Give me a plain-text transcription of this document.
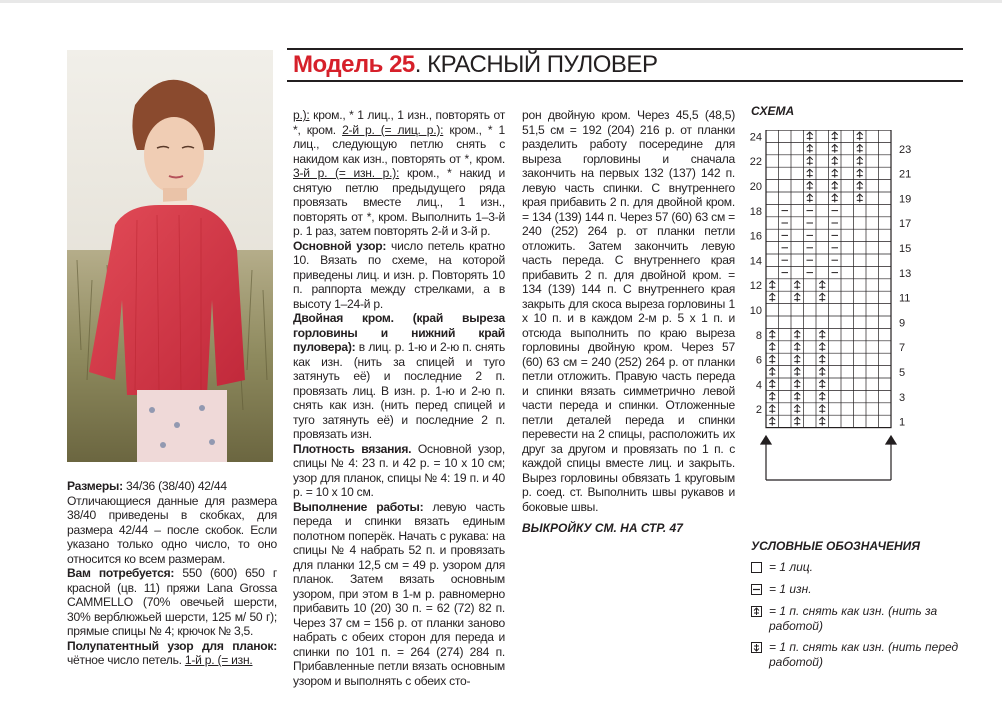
Модель 25. КРАСНЫЙ ПУЛОВЕР

Размеры: 34/36 (38/40) 42/44

Отличающиеся данные для размера 38/40 приведены в скобках, для размера 42/44 – после скобок. Если указано только одно число, то оно относится ко всем размерам.

Вам потребуется: 550 (600) 650 г красной (цв. 11) пряжи Lana Grossa CAMMELLO (70% овечьей шерсти, 30% верблюжьей шерсти, 125 м/ 50 г); прямые спицы № 4; крючок № 3,5.

Полупатентный узор для планок: чётное число петель. 1-й р. (= изн.

р.): кром., * 1 лиц., 1 изн., повторять от *, кром. 2-й р. (= лиц. р.): кром., * 1 лиц., следующую петлю снять с накидом как изн., повторять от *, кром. 3-й р. (= изн. р.): кром., * накид и снятую петлю предыдущего ряда провязать вместе лиц., 1 изн., повторять от *, кром. Выполнить 1–3-й р. 1 раз, затем повторять 2-й и 3-й р.

Основной узор: число петель кратно 10. Вязать по схеме, на которой приведены лиц. и изн. р. Повторять 10 п. раппорта между стрелками, а в высоту 1–24-й р.

Двойная кром. (край выреза горловины и нижний край пуловера): в лиц. р. 1-ю и 2-ю п. снять как изн. (нить за спицей и туго затянуть её) и последние 2 п. провязать лиц. В изн. р. 1-ю и 2-ю п. снять как изн. (нить перед спицей и туго затянуть её) и последние 2 п. провязать изн.

Плотность вязания. Основной узор, спицы № 4: 23 п. и 42 р. = 10 х 10 см; узор для планок, спицы № 4: 19 п. и 40 р. = 10 х 10 см.

Выполнение работы: левую часть переда и спинки вязать единым полотном поперёк. Начать с рукава: на спицы № 4 набрать 52 п. и провязать для планки 12,5 см = 49 р. узором для планок. Затем вязать основным узором, при этом в 1-м р. равномерно прибавить 10 (20) 30 п. = 62 (72) 82 п. Через 37 см = 156 р. от планки заново набрать с обеих сторон для переда и спинки по 101 п. = 264 (274) 284 п. Прибавленные петли вязать основным узором и выполнять с обеих сто-

рон двойную кром. Через 45,5 (48,5) 51,5 см = 192 (204) 216 р. от планки разделить работу посередине для выреза горловины и сначала закончить на первых 132 (137) 142 п. левую часть спинки. С внутреннего края прибавить 2 п. для двойной кром. = 134 (139) 144 п. Через 57 (60) 63 см = 240 (252) 264 р. от планки петли отложить. Затем закончить левую часть переда. С внутреннего края прибавить 2 п. для двойной кром. = 134 (139) 144 п. С внутреннего края закрыть для скоса выреза горловины 1 х 10 п. и в каждом 2-м р. 5 х 1 п. и отсюда выполнить по краю выреза горловины двойную кром. Через 57 (60) 63 см = 240 (252) 264 р. от планки петли отложить. Правую часть переда и спинки вязать симметрично левой части переда и спинки. Отложенные петли деталей переда и спинки перевести на 2 спицы, расположить их друг за другом и провязать по 1 п. с каждой спицы вместе лиц. и закрыть. Вырез горловины обвязать 1 круговым р. соед. ст. Выполнить швы рукавов и боковые швы.

ВЫКРОЙКУ СМ. НА СТР. 47
СХЕМА
2
4
6
8
10
12
14
16
18
20
22
24
1
3
5
7
9
11
13
15
17
19
21
23
УСЛОВНЫЕ ОБОЗНАЧЕНИЯ
= 1 лиц.
= 1 изн.
= 1 п. снять как изн. (нить за работой)
= 1 п. снять как изн. (нить перед работой)
